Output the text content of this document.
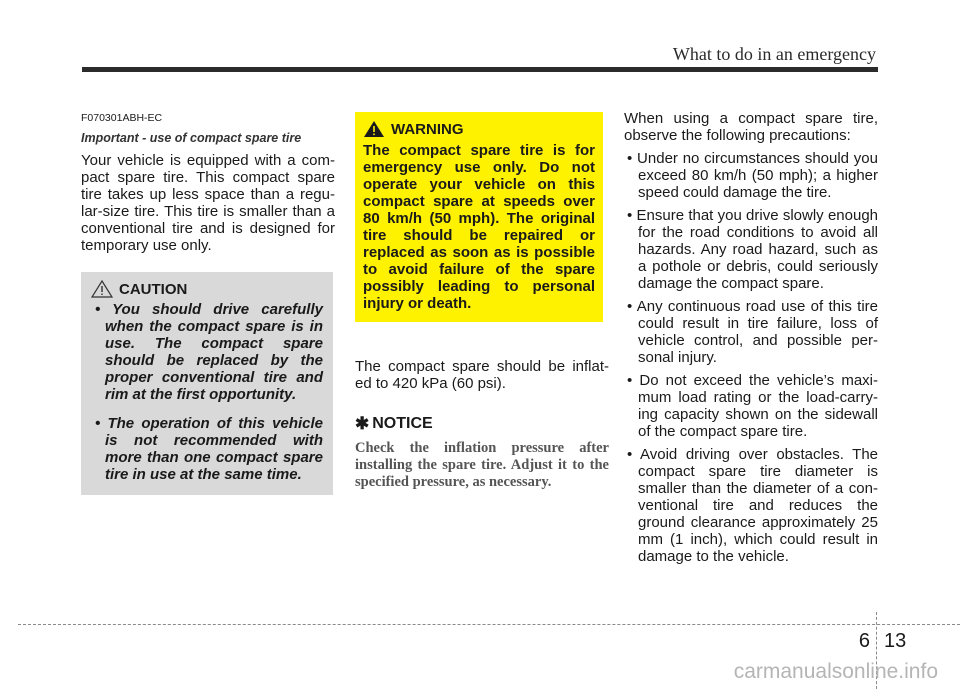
What to do in an emergency
F070301ABH-EC
Important - use of compact spare tire

Your vehicle is equipped with a com-pact spare tire. This compact spare tire takes up less space than a regu-lar-size tire. This tire is smaller than a conventional tire and is designed for temporary use only.

CAUTION
• You should drive carefully when the compact spare is in use. The compact spare should be replaced by the proper conventional tire and rim at the first opportunity.
• The operation of this vehicle is not recommended with more than one compact spare tire in use at the same time.
WARNING

The compact spare tire is for emergency use only. Do not operate your vehicle on this compact spare at speeds over 80 km/h (50 mph). The original tire should be repaired or replaced as soon as is possible to avoid failure of the spare possibly leading to personal injury or death.

The compact spare should be inflat-ed to 420 kPa (60 psi).

✱ NOTICE

Check the inflation pressure after installing the spare tire. Adjust it to the specified pressure, as necessary.

When using a compact spare tire, observe the following precautions:

• Under no circumstances should you exceed 80 km/h (50 mph); a higher speed could damage the tire.
• Ensure that you drive slowly enough for the road conditions to avoid all hazards. Any road hazard, such as a pothole or debris, could seriously damage the compact spare.
• Any continuous road use of this tire could result in tire failure, loss of vehicle control, and possible per-sonal injury.
• Do not exceed the vehicle’s maxi-mum load rating or the load-carry-ing capacity shown on the sidewall of the compact spare tire.
• Avoid driving over obstacles. The compact spare tire diameter is smaller than the diameter of a con-ventional tire and reduces the ground clearance approximately 25 mm (1 inch), which could result in damage to the vehicle.
6 13
carmanualsonline.info
